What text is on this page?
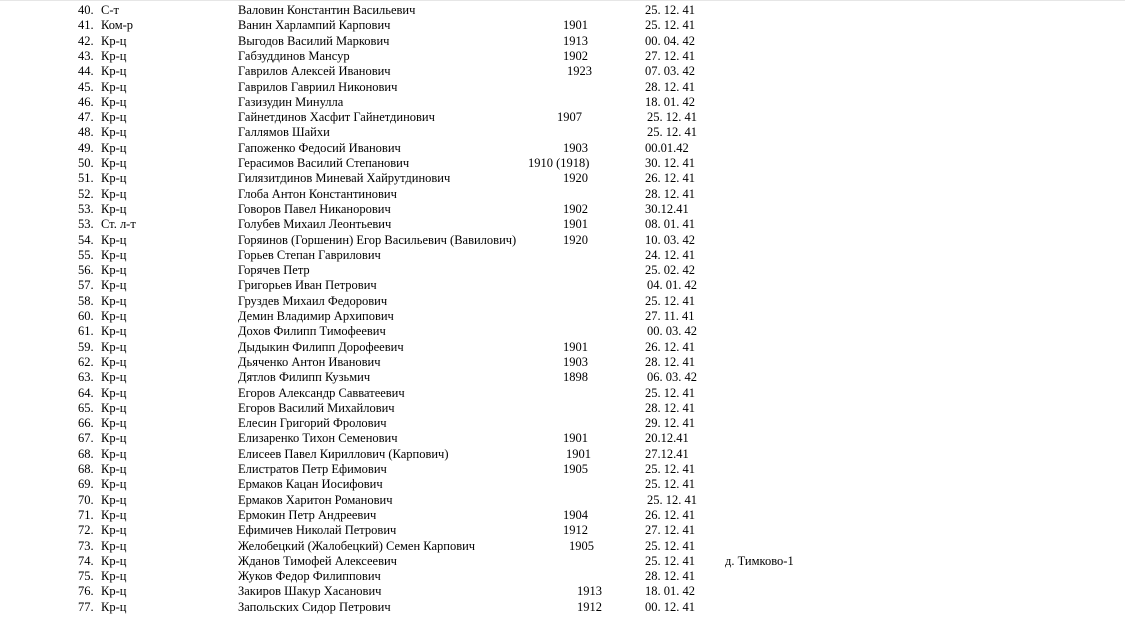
40. С-т	Валовин Константин Васильевич	25. 12. 41
41. Ком-р	Ванин Харлампий Карпович	1901	25. 12. 41
42. Кр-ц	Выгодов Василий Маркович	1913	00. 04. 42
43. Кр-ц	Габзуддинов Мансур	1902	27. 12. 41
44. Кр-ц	Гаврилов Алексей Иванович	1923	07. 03. 42
45. Кр-ц	Гаврилов Гавриил Никонович	28. 12. 41
46. Кр-ц	Газизудин Минулла	18. 01. 42
47. Кр-ц	Гайнетдинов Хасфит Гайнетдинович	1907	25. 12. 41
48. Кр-ц	Галлямов Шайхи	25. 12. 41
49. Кр-ц	Гапоженко Федосий Иванович	1903	00.01.42
50. Кр-ц	Герасимов Василий Степанович	1910 (1918)	30. 12. 41
51. Кр-ц	Гилязитдинов Миневай Хайрутдинович	1920	26. 12. 41
52. Кр-ц	Глоба Антон Константинович	28. 12. 41
53. Кр-ц	Говоров Павел Никанорович	1902	30.12.41
53. Ст. л-т	Голубев Михаил Леонтьевич	1901	08. 01. 41
54. Кр-ц	Горяинов (Горшенин) Егор Васильевич (Вавилович)	1920	10. 03. 42
55. Кр-ц	Горьев Степан Гаврилович	24. 12. 41
56. Кр-ц	Горячев Петр	25. 02. 42
57. Кр-ц	Григорьев Иван Петрович	04. 01. 42
58. Кр-ц	Груздев Михаил Федорович	25. 12. 41
60. Кр-ц	Демин Владимир Архипович	27. 11. 41
61. Кр-ц	Дохов Филипп Тимофеевич	00. 03. 42
59. Кр-ц	Дыдыкин Филипп Дорофеевич	1901	26. 12. 41
62. Кр-ц	Дьяченко Антон Иванович	1903	28. 12. 41
63. Кр-ц	Дятлов Филипп Кузьмич	1898	06. 03. 42
64. Кр-ц	Егоров Александр Савватеевич	25. 12. 41
65. Кр-ц	Егоров Василий Михайлович	28. 12. 41
66. Кр-ц	Елесин Григорий Фролович	29. 12. 41
67. Кр-ц	Елизаренко Тихон Семенович	1901	20.12.41
68. Кр-ц	Елисеев Павел Кириллович (Карпович)	1901	27.12.41
68. Кр-ц	Елистратов Петр Ефимович	1905	25. 12. 41
69. Кр-ц	Ермаков Кацан Иосифович	25. 12. 41
70. Кр-ц	Ермаков Харитон Романович	25. 12. 41
71. Кр-ц	Ермокин Петр Андреевич	1904	26. 12. 41
72. Кр-ц	Ефимичев Николай Петрович	1912	27. 12. 41
73. Кр-ц	Желобецкий (Жалобецкий) Семен Карпович	1905	25. 12. 41
74. Кр-ц	Жданов Тимофей Алексеевич	25. 12. 41 д. Тимково-1
75. Кр-ц	Жуков Федор Филиппович	28. 12. 41
76. Кр-ц	Закиров Шакур Хасанович	1913	18. 01. 42
77. Кр-ц	Запольских Сидор Петрович	1912	00. 12. 41
